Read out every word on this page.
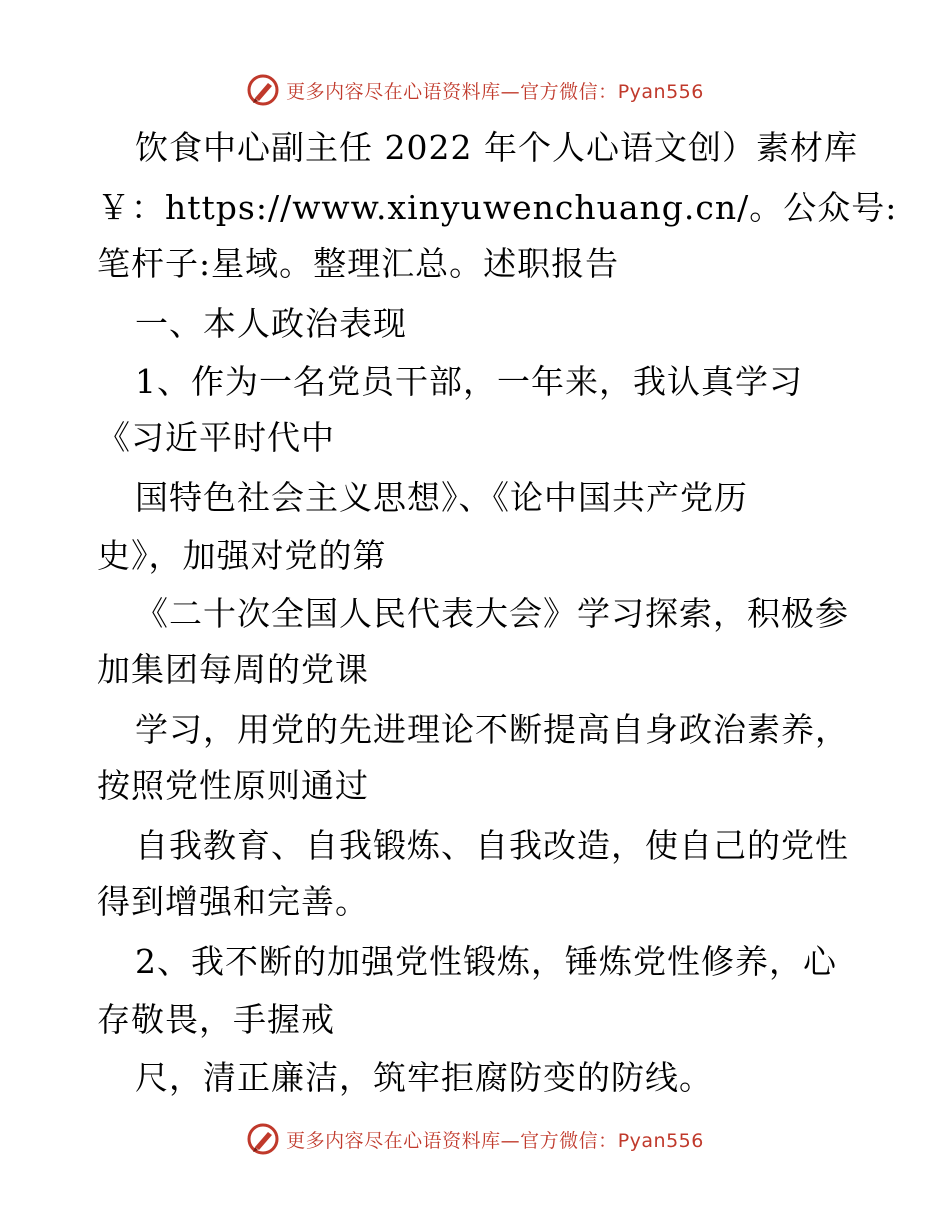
更多内容尽在心语资料库—官方微信：Pyan556
饮食中心副主任 2022 年个人心语文创）素材库
￥：https://www.xinyuwenchuang.cn/。公众号:
笔杆子:星域。整理汇总。述职报告
一、本人政治表现
1、作为一名党员干部，一年来，我认真学习
《习近平时代中
国特色社会主义思想》、《论中国共产党历
史》，加强对党的第
《二十次全国人民代表大会》学习探索，积极参
加集团每周的党课
学习，用党的先进理论不断提高自身政治素养，
按照党性原则通过
自我教育、自我锻炼、自我改造，使自己的党性
得到增强和完善。
2、我不断的加强党性锻炼，锤炼党性修养，心
存敬畏，手握戒
尺，清正廉洁，筑牢拒腐防变的防线。
更多内容尽在心语资料库—官方微信：Pyan556
